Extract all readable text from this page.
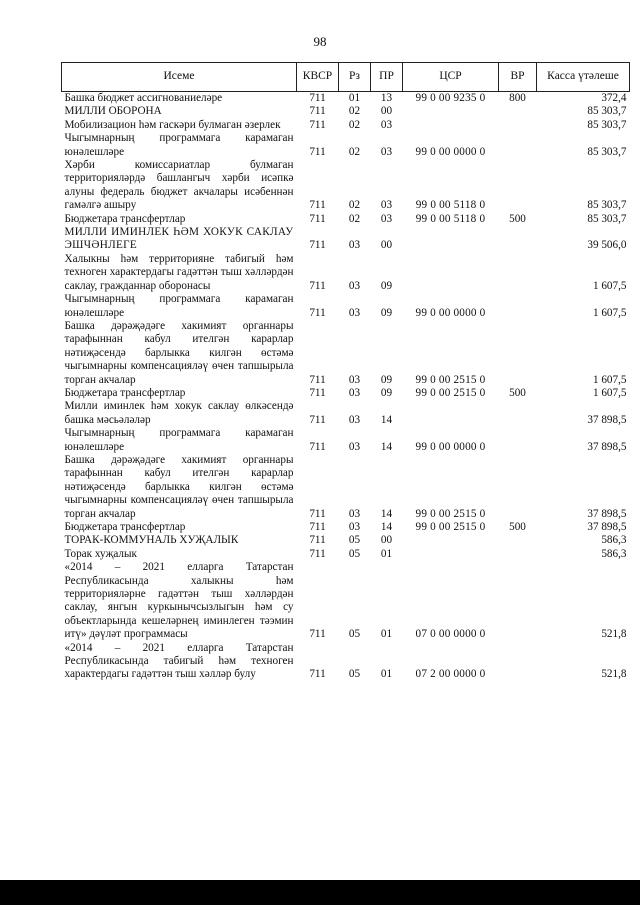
98
Исеме	КВСР	Рз	ПР	ЦСР	ВР	Касса үтәлеше
Башка бюджет ассигнованиеләре	711	01	13	99 0 00 9235 0	800	372,4
МИЛЛИ ОБОРОНА	711	02	00			85 303,7
Мобилизацион һәм гаскәри булмаган әзерлек	711	02	03			85 303,7
Чыгымнарның программага карамаган юнәлешләре	711	02	03	99 0 00 0000 0		85 303,7
Хәрби комиссариатлар булмаган территорияләрдә башлангыч хәрби исәпкә алуны федераль бюджет акчалары исәбеннән гамәлгә ашыру	711	02	03	99 0 00 5118 0		85 303,7
Бюджетара трансфертлар	711	02	03	99 0 00 5118 0	500	85 303,7
МИЛЛИ ИМИНЛЕК ҺӘМ ХОКУК САКЛАУ ЭШЧӘНЛЕГЕ	711	03	00			39 506,0
Халыкны һәм территорияне табигый һәм техноген характердагы гадәттән тыш хәлләрдән саклау, гражданнар оборонасы	711	03	09			1 607,5
Чыгымнарның программага карамаган юнәлешләре	711	03	09	99 0 00 0000 0		1 607,5
Башка дәрәҗәдәге хакимият органнары тарафыннан кабул ителгән карарлар нәтиҗәсендә барлыкка килгән өстәмә чыгымнарны компенсацияләү өчен тапшырыла торган акчалар	711	03	09	99 0 00 2515 0		1 607,5
Бюджетара трансфертлар	711	03	09	99 0 00 2515 0	500	1 607,5
Милли иминлек һәм хокук саклау өлкәсендә башка мәсьәләләр	711	03	14			37 898,5
Чыгымнарның программага карамаган юнәлешләре	711	03	14	99 0 00 0000 0		37 898,5
Башка дәрәҗәдәге хакимият органнары тарафыннан кабул ителгән карарлар нәтиҗәсендә барлыкка килгән өстәмә чыгымнарны компенсацияләү өчен тапшырыла торган акчалар	711	03	14	99 0 00 2515 0		37 898,5
Бюджетара трансфертлар	711	03	14	99 0 00 2515 0	500	37 898,5
ТОРАК-КОММУНАЛЬ ХУҖАЛЫК	711	05	00			586,3
Торак хуҗалык	711	05	01			586,3
«2014 – 2021 елларга Татарстан Республикасында халыкны һәм территорияләрне гадәттән тыш хәлләрдән саклау, янгын куркынычсызлыгын һәм су объектларында кешеләрнең иминлеген тәэмин итү» дәүләт программасы	711	05	01	07 0 00 0000 0		521,8
«2014 – 2021 елларга Татарстан Республикасында табигый һәм техноген характердагы гадәттән тыш хәлләр булу	711	05	01	07 2 00 0000 0		521,8
